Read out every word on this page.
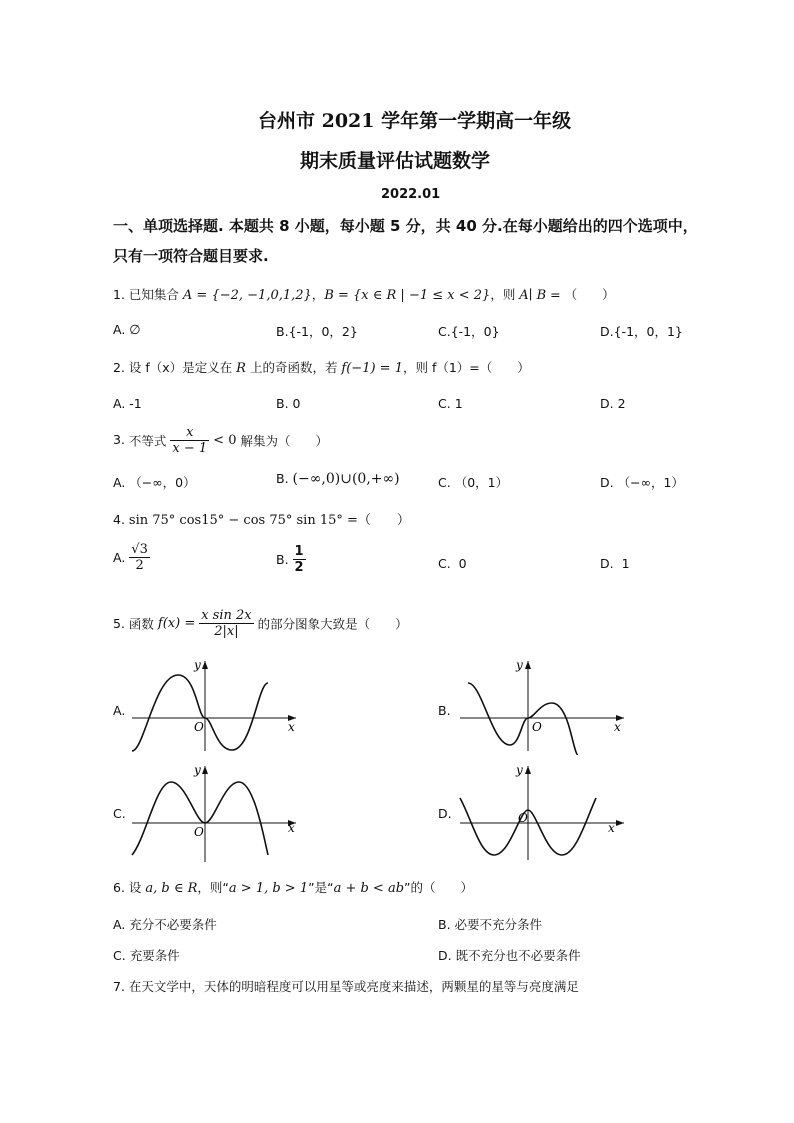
台州市 2021 学年第一学期高一年级
期末质量评估试题数学
2022.01
一、单项选择题. 本题共 8 小题，每小题 5 分，共 40 分.在每小题给出的四个选项中，
只有一项符合题目要求.
1. 已知集合 A = {−2, −1,0,1,2}，B = {x ∈ R | −1 ≤ x < 2}，则 A∣ B = （　　）
A. ∅	B.{-1，0，2}	C.{-1，0}	D.{-1，0，1}
2. 设 f（x）是定义在 R 上的奇函数，若 f(−1) = 1，则 f（1）=（　　）
A. -1	B. 0	C. 1	D. 2
3. 不等式 $\frac{x}{x - 1} < 0$ 解集为（　　）
A. （−∞，0）	B. (−∞,0)∪(0,+∞)	C. （0，1）	D. （−∞，1）
4. sin 75° cos15° − cos 75° sin 15° =（　　）
A. $\frac{√3}{2}$	B. $\frac{1}{2}$	C. 0	D. 1
5. 函数 $f(x) = \frac{\text{x sin 2x}}{2|x|}$ 的部分图象大致是（　　）
A.
x
y
O
B.
x
y
O
C.
x
y
O
D.
x
y
O
6. 设 a, b ∈ R，则“a > 1, b > 1”是“a + b < ab”的（　　）
A. 充分不必要条件	B. 必要不充分条件
C. 充要条件	D. 既不充分也不必要条件
7. 在天文学中，天体的明暗程度可以用星等或亮度来描述，两颗星的星等与亮度满足
